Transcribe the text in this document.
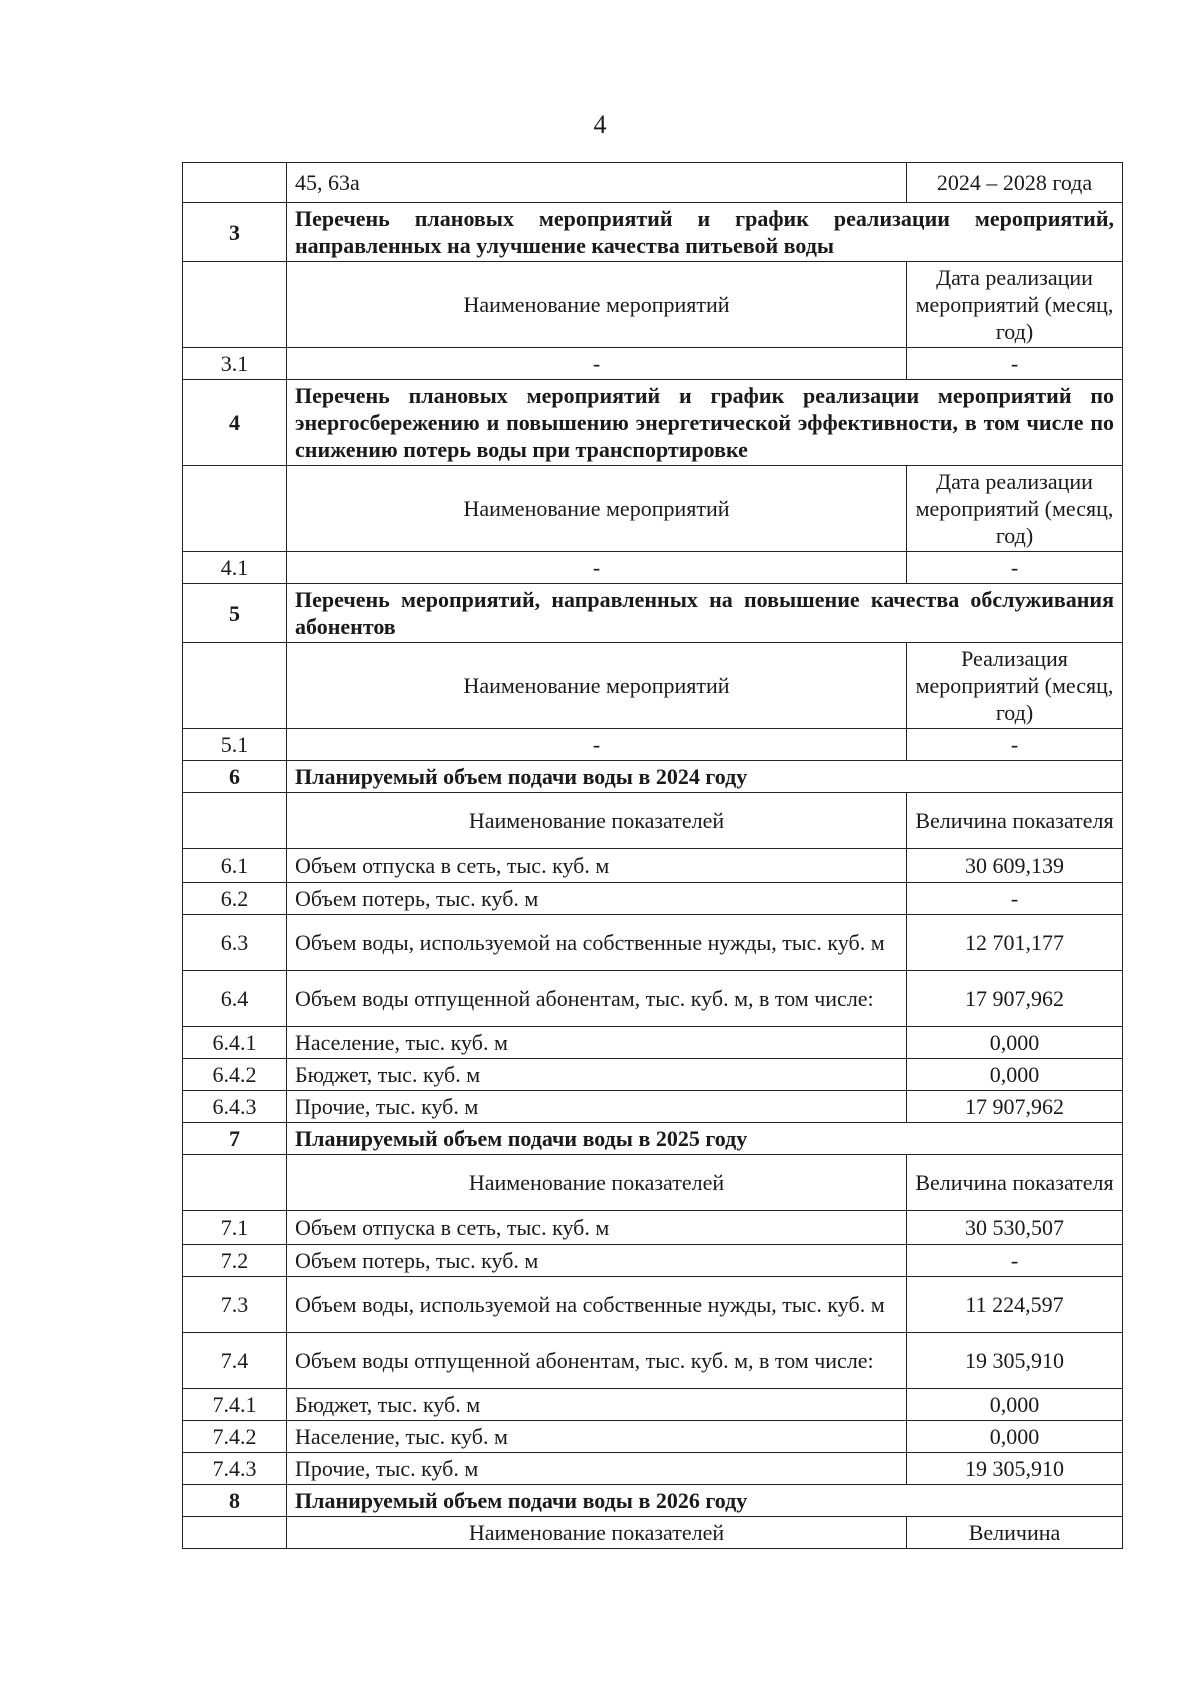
4
	45, 63а	2024 – 2028 года
3	Перечень плановых мероприятий и график реализации мероприятий, направленных на улучшение качества питьевой воды	
	Наименование мероприятий	Дата реализации мероприятий (месяц, год)
3.1	-	-
4	Перечень плановых мероприятий и график реализации мероприятий по энергосбережению и повышению энергетической эффективности, в том числе по снижению потерь воды при транспортировке	
	Наименование мероприятий	Дата реализации мероприятий (месяц, год)
4.1	-	-
5	Перечень мероприятий, направленных на повышение качества обслуживания абонентов	
	Наименование мероприятий	Реализация мероприятий (месяц, год)
5.1	-	-
6	Планируемый объем подачи воды в 2024 году	
	Наименование показателей	Величина показателя
6.1	Объем отпуска в сеть, тыс. куб. м	30 609,139
6.2	Объем потерь, тыс. куб. м	-
6.3	Объем воды, используемой на собственные нужды, тыс. куб. м	12 701,177
6.4	Объем воды отпущенной абонентам, тыс. куб. м, в том числе:	17 907,962
6.4.1	Население, тыс. куб. м	0,000
6.4.2	Бюджет, тыс. куб. м	0,000
6.4.3	Прочие, тыс. куб. м	17 907,962
7	Планируемый объем подачи воды в 2025 году	
	Наименование показателей	Величина показателя
7.1	Объем отпуска в сеть, тыс. куб. м	30 530,507
7.2	Объем потерь, тыс. куб. м	-
7.3	Объем воды, используемой на собственные нужды, тыс. куб. м	11 224,597
7.4	Объем воды отпущенной абонентам, тыс. куб. м, в том числе:	19 305,910
7.4.1	Бюджет, тыс. куб. м	0,000
7.4.2	Население, тыс. куб. м	0,000
7.4.3	Прочие, тыс. куб. м	19 305,910
8	Планируемый объем подачи воды в 2026 году	
	Наименование показателей	Величина
